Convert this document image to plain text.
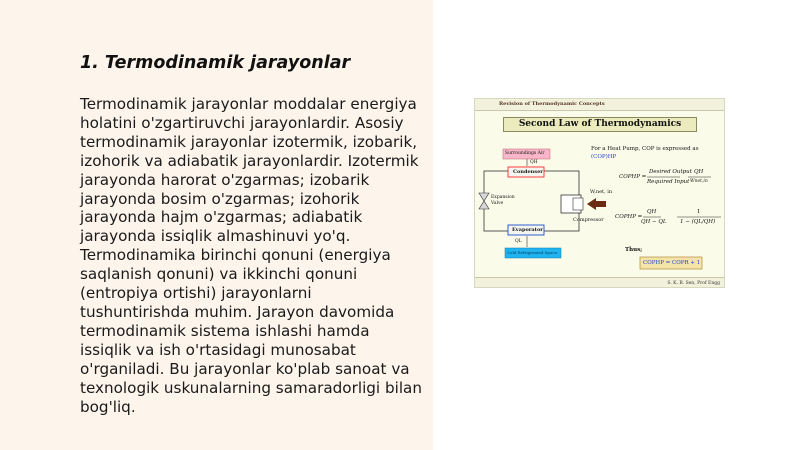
1. Termodinamik jarayonlar

Termodinamik jarayonlar moddalar energiya holatini o'zgartiruvchi jarayonlardir. Asosiy termodinamik jarayonlar izotermik, izobarik, izohorik va adiabatik jarayonlardir. Izotermik jarayonda harorat o'zgarmas; izobarik jarayonda bosim o'zgarmas; izohorik jarayonda hajm o'zgarmas; adiabatik jarayonda issiqlik almashinuvi yo'q. Termodinamika birinchi qonuni (energiya saqlanish qonuni) va ikkinchi qonuni (entropiya ortishi) jarayonlarni tushuntirishda muhim. Jarayon davomida termodinamik sistema ishlashi hamda issiqlik va ish o'rtasidagi munosabat o'rganiladi. Bu jarayonlar ko'plab sanoat va texnologik uskunalarning samaradorligi bilan bog'liq.

Revision of Thermodynamic Concepts
Second Law of Thermodynamics
For a Heat Pump, COP is expressed as
(COP)HP
Surroundings Air
Condenser
QH
Expansion Valve
Evaporator
QL
Cold Refrigerated Space
W,net, in
Compressor
COPHP =
Desired Output
Required Input
QH
Wnet,in
COPHP =
QH
QH − QL
1
1 − (QL/QH)
Thus;
COPHP = COPR + 1
S. K. B. Sen, Prof Engg
